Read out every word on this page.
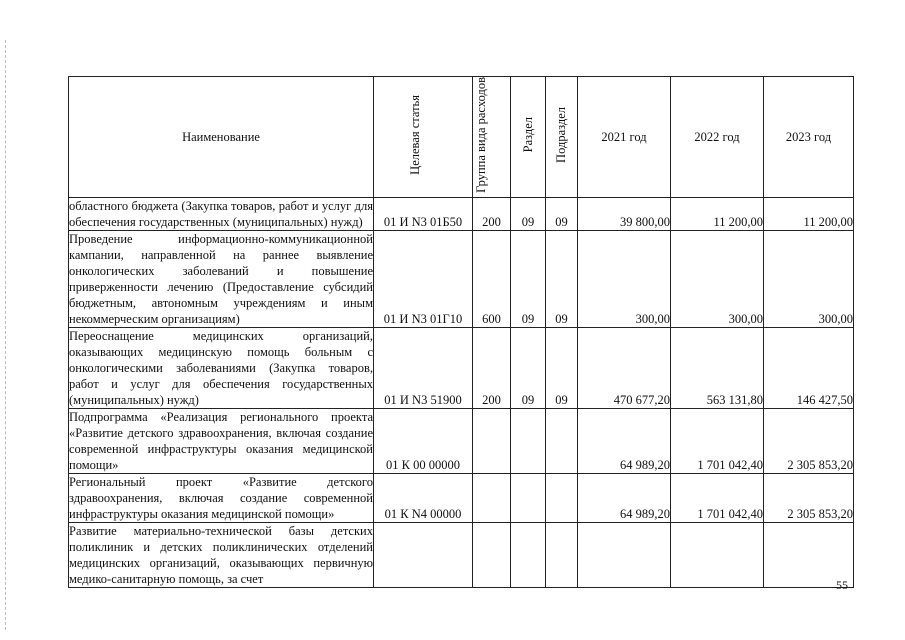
Наименование	Целевая статья	Группа вида расходов	Раздел	Подраздел	2021 год	2022 год	2023 год
областного бюджета (Закупка товаров, работ и услуг для обеспечения государственных (муниципальных) нужд)	01 И N3 01Б50	200	09	09	39 800,00	11 200,00	11 200,00
Проведение информационно-коммуникационной кампании, направленной на раннее выявление онкологических заболеваний и повышение приверженности лечению (Предоставление субсидий бюджетным, автономным учреждениям и иным некоммерческим организациям)	01 И N3 01Г10	600	09	09	300,00	300,00	300,00
Переоснащение медицинских организаций, оказывающих медицинскую помощь больным с онкологическими заболеваниями (Закупка товаров, работ и услуг для обеспечения государственных (муниципальных) нужд)	01 И N3 51900	200	09	09	470 677,20	563 131,80	146 427,50
Подпрограмма «Реализация регионального проекта «Развитие детского здравоохранения, включая создание современной инфраструктуры оказания медицинской помощи»	01 К 00 00000				64 989,20	1 701 042,40	2 305 853,20
Региональный проект «Развитие детского здравоохранения, включая создание современной инфраструктуры оказания медицинской помощи»	01 К N4 00000				64 989,20	1 701 042,40	2 305 853,20
Развитие материально-технической базы детских поликлиник и детских поликлинических отделений медицинских организаций, оказывающих первичную медико-санитарную помощь, за счет								55
